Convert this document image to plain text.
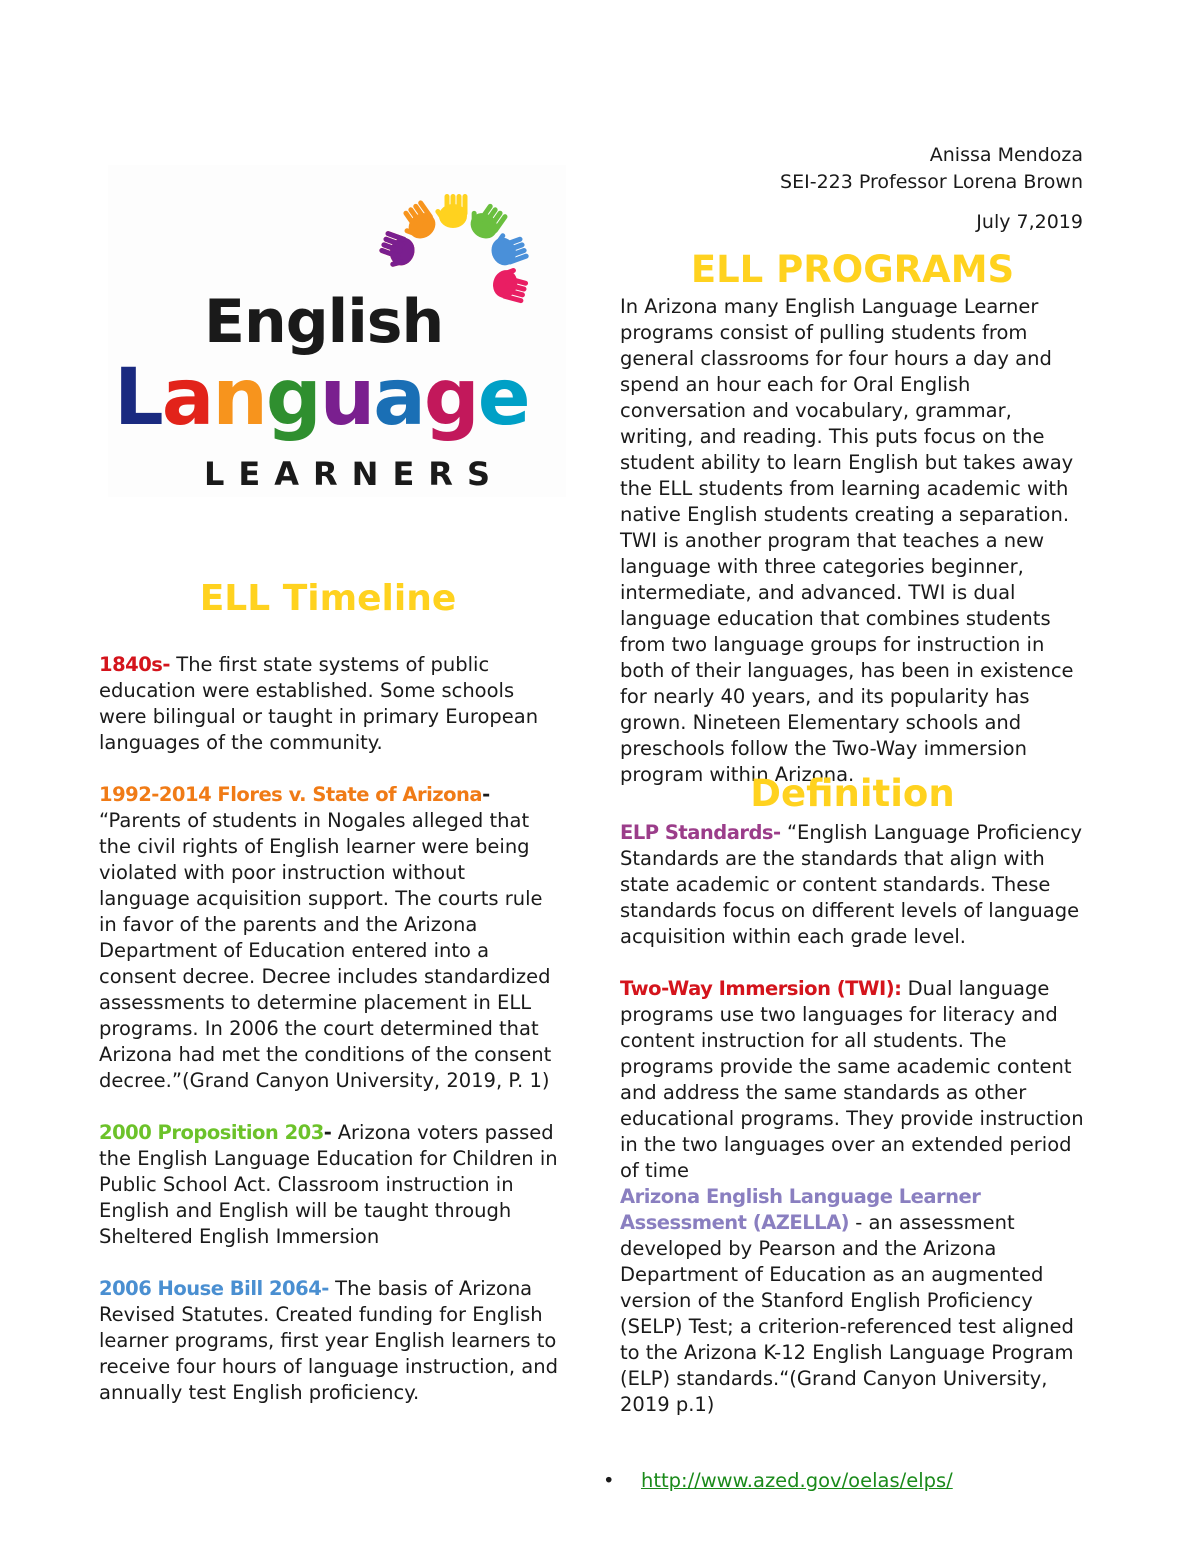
Anissa Mendoza
SEI-223 Professor Lorena Brown
July 7,2019
English
Language
LEARNERS
ELL Timeline

1840s- The first state systems of public education were established. Some schools were bilingual or taught in primary European languages of the community.

1992-2014 Flores v. State of Arizona- “Parents of students in Nogales alleged that the civil rights of English learner were being violated with poor instruction without language acquisition support. The courts rule in favor of the parents and the Arizona Department of Education entered into a consent decree. Decree includes standardized assessments to determine placement in ELL programs. In 2006 the court determined that Arizona had met the conditions of the consent decree.”(Grand Canyon University, 2019, P. 1)

2000 Proposition 203- Arizona voters passed the English Language Education for Children in Public School Act. Classroom instruction in English and English will be taught through Sheltered English Immersion

2006 House Bill 2064- The basis of Arizona Revised Statutes. Created funding for English learner programs, first year English learners to receive four hours of language instruction, and annually test English proficiency.

ELL PROGRAMS
In Arizona many English Language Learner programs consist of pulling students from general classrooms for four hours a day and spend an hour each for Oral English conversation and vocabulary, grammar, writing, and reading. This puts focus on the student ability to learn English but takes away the ELL students from learning academic with native English students creating a separation. TWI is another program that teaches a new language with three categories beginner, intermediate, and advanced. TWI is dual language education that combines students from two language groups for instruction in both of their languages, has been in existence for nearly 40 years, and its popularity has grown. Nineteen Elementary schools and preschools follow the Two-Way immersion program within Arizona.
Definition

ELP Standards- “English Language Proficiency Standards are the standards that align with state academic or content standards. These standards focus on different levels of language acquisition within each grade level.

Two-Way Immersion (TWI): Dual language programs use two languages for literacy and content instruction for all students. The programs provide the same academic content and address the same standards as other educational programs. They provide instruction in the two languages over an extended period of time

Arizona English Language Learner Assessment (AZELLA) - an assessment developed by Pearson and the Arizona Department of Education as an augmented version of the Stanford English Proficiency (SELP) Test; a criterion-referenced test aligned to the Arizona K-12 English Language Program (ELP) standards.“(Grand Canyon University, 2019 p.1)

• http://www.azed.gov/oelas/elps/
